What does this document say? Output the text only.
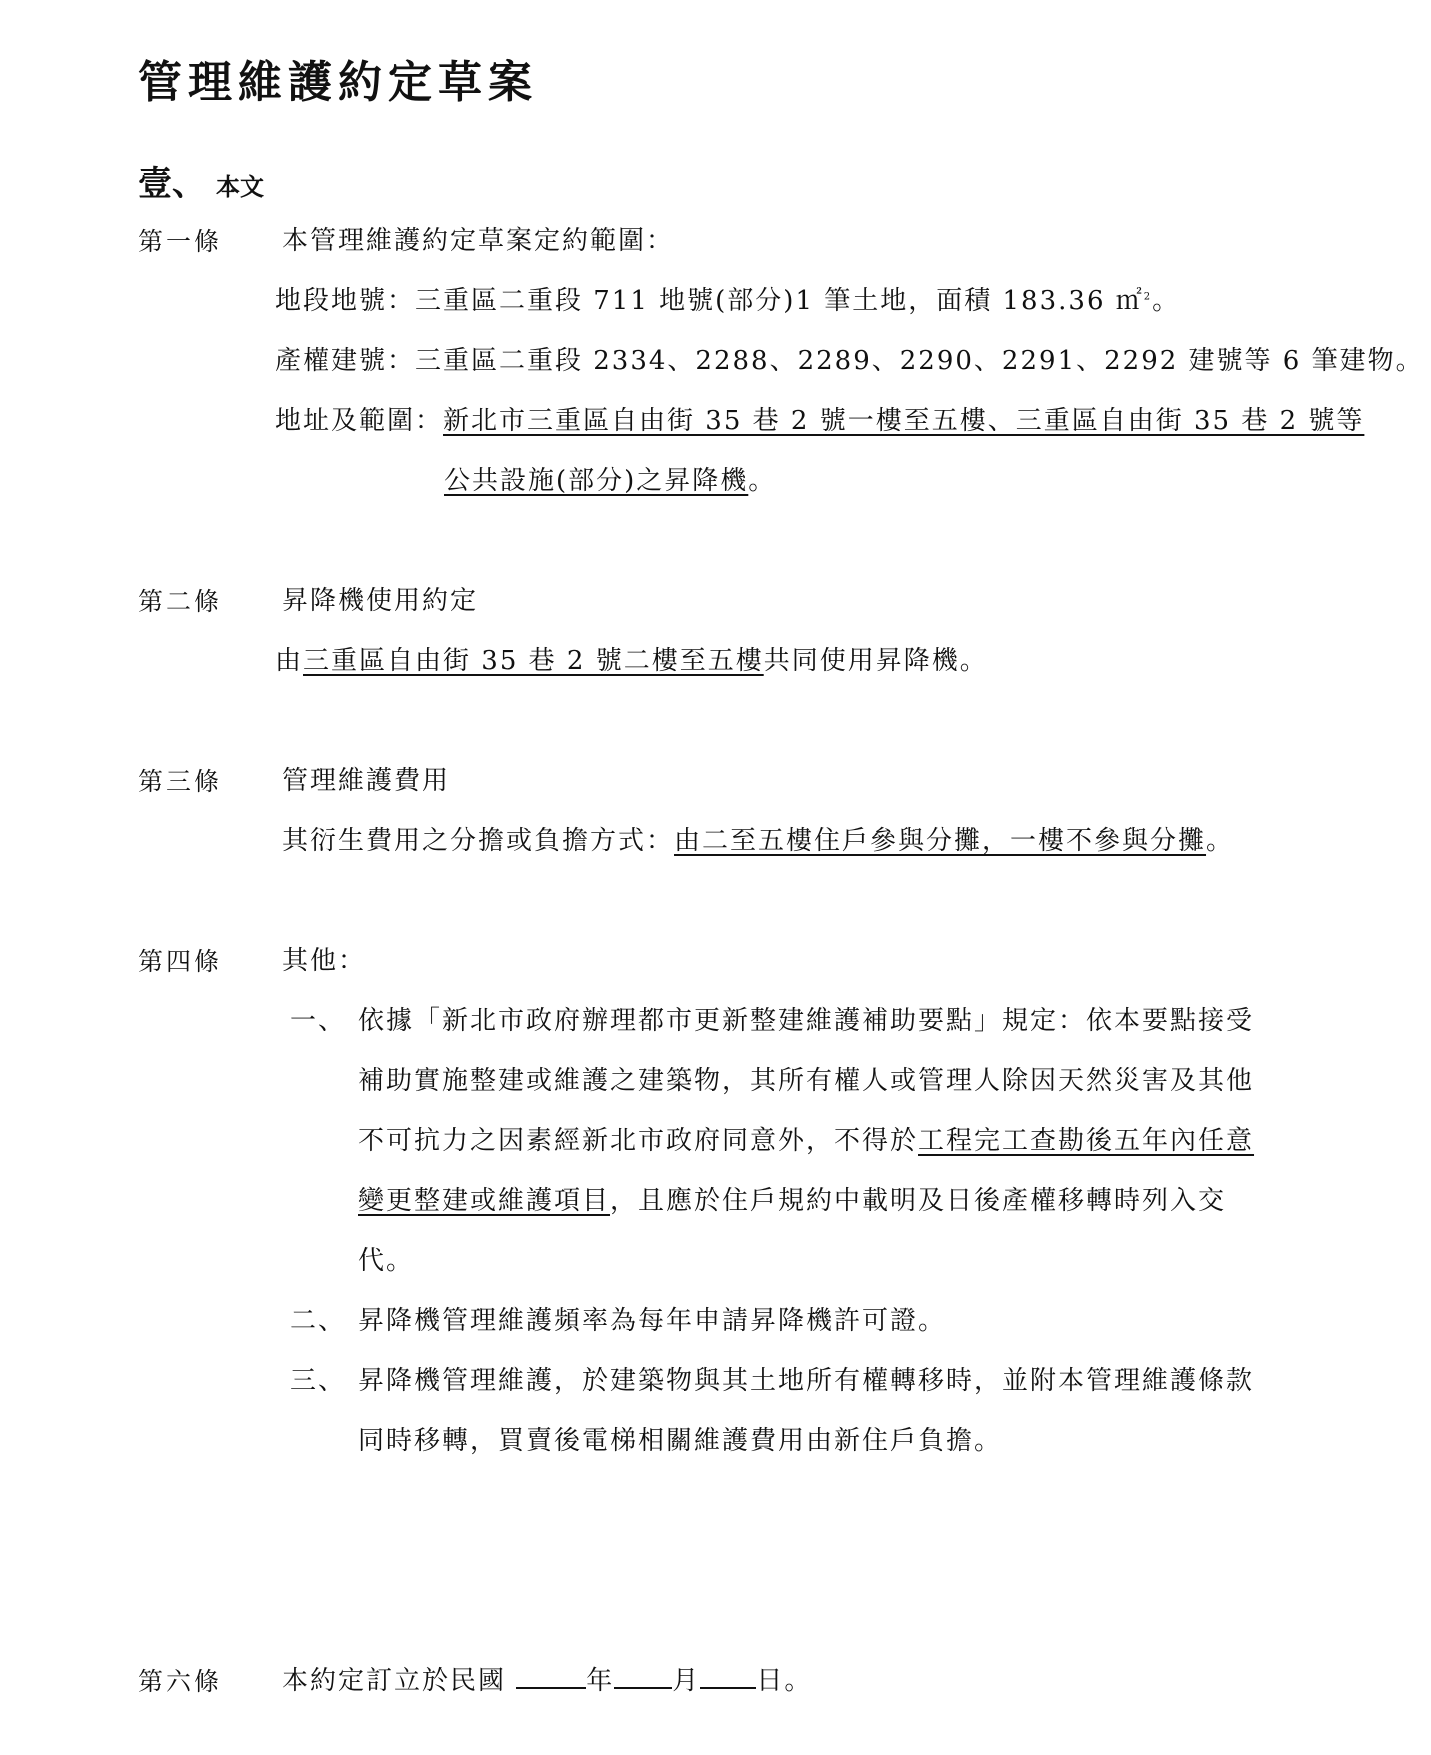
管理維護約定草案
壹、 本文
第一條 本管理維護約定草案定約範圍：
地段地號：三重區二重段 711 地號(部分)1 筆土地，面積 183.36 ㎡$^2$。
產權建號：三重區二重段 2334、2288、2289、2290、2291、2292 建號等 6 筆建物。
地址及範圍：新北市三重區自由街 35 巷 2 號一樓至五樓、三重區自由街 35 巷 2 號等
公共設施(部分)之昇降機。
第二條 昇降機使用約定
由三重區自由街 35 巷 2 號二樓至五樓共同使用昇降機。
第三條 管理維護費用
其衍生費用之分擔或負擔方式：由二至五樓住戶參與分攤，一樓不參與分攤。
第四條 其他：
一、 依據「新北市政府辦理都市更新整建維護補助要點」規定：依本要點接受
補助實施整建或維護之建築物，其所有權人或管理人除因天然災害及其他
不可抗力之因素經新北市政府同意外，不得於工程完工查勘後五年內任意
變更整建或維護項目，且應於住戶規約中載明及日後產權移轉時列入交
代。
二、 昇降機管理維護頻率為每年申請昇降機許可證。
三、 昇降機管理維護，於建築物與其土地所有權轉移時，並附本管理維護條款
同時移轉，買賣後電梯相關維護費用由新住戶負擔。
第六條 本約定訂立於民國	年 月 日。
